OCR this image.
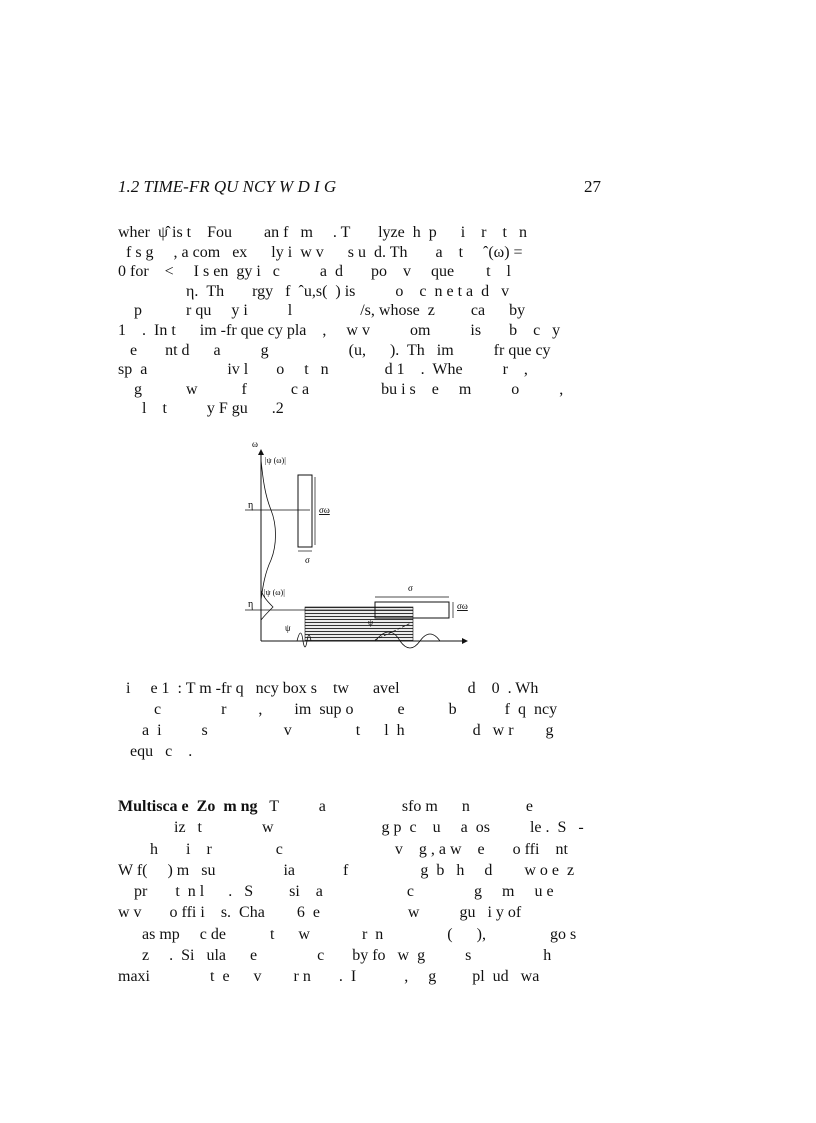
1.2 TIME-FR QU NCY W D I G	27
wher  ψ̂ is t    Fou        an f   m     . T       lyze  h  p      i    r    t   n
f s g     , a com   ex      ly i  w v      s u  d. Th       a    t     ˆ(ω) =
0 for    <     I s en  gy i   c          a  d       po    v     que        t    l
η.  Th       rgy   f  ˆu,s(  ) is          o    c  n e t a  d   v
p           r qu     y i          l                 /s, whose  z         ca      by
1    .  In t      im -fr que cy pla    ,     w v          om          is       b    c   y
e       nt d      a          g                    (u,      ).  Th   im          fr que cy
sp  a                    iv l       o     t   n              d 1    .  Whe          r    ,
g           w           f           c a                  bu i s    e     m          o          ,
l    t          y F gu      .2
ω
|ψ (ω)|
η	σω
σ
|ψ (ω)|
η
σ
σω
ψ
ψ
i     e 1  : T m -fr q   ncy box s    tw      avel                 d    0  . Wh
c               r        ,        im  sup o           e           b            f  q  ncy
a  i          s                   v                t      l  h                 d   w r        g
equ   c    .
Multisca e  Zo  m ng   T          a                   sfo m      n              e
iz   t               w                           g p  c    u     a  os          le .  S   -
h       i    r                c                            v    g , a w    e       o ffi    nt
W f(     ) m   su                 ia            f                  g  b   h     d        w o e  z
pr       t  n l      .   S         si    a                     c               g     m     u e
w v       o ffi i    s.  Cha        6  e                      w          gu   i y of
as mp     c de           t      w             r  n                (      ),                go s
z     .  Si   ula      e               c       by fo   w  g          s                  h
maxi               t  e      v        r n       .  I            ,     g         pl  ud   wa
